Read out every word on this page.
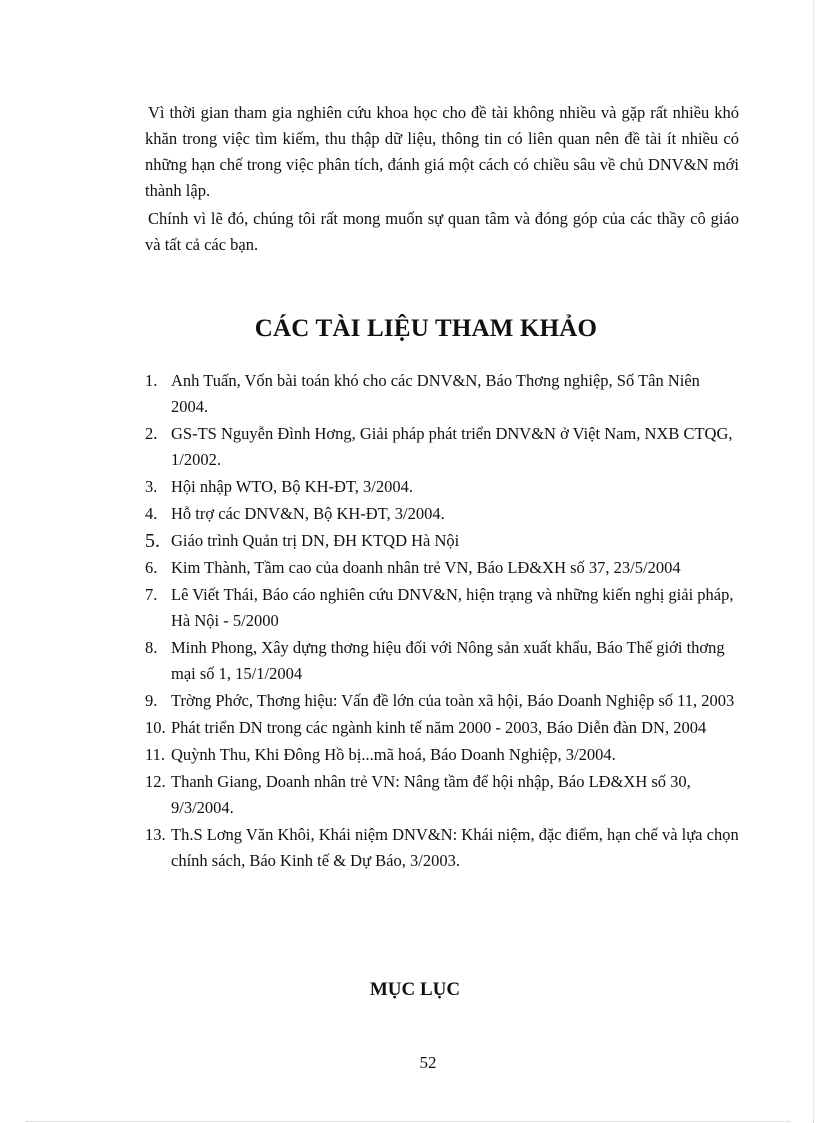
Vì thời gian tham gia nghiên cứu khoa học cho đề tài không nhiều và gặp rất nhiều khó khăn trong việc tìm kiếm, thu thập dữ liệu, thông tin có liên quan nên đề tài ít nhiều có những hạn chế trong việc phân tích, đánh giá một cách có chiều sâu về chủ DNV&N mới thành lập.

Chính vì lẽ đó, chúng tôi rất mong muốn sự quan tâm và đóng góp của các thầy cô giáo và tất cả các bạn.

CÁC TÀI LIỆU THAM KHẢO
1. Anh Tuấn, Vốn bài toán khó cho các DNV&N, Báo Thơng nghiệp, Số Tân Niên 2004.
2. GS-TS Nguyễn Đình Hơng, Giải pháp phát triển DNV&N ở Việt Nam, NXB CTQG, 1/2002.
3. Hội nhập WTO, Bộ KH-ĐT, 3/2004.
4. Hỗ trợ các DNV&N, Bộ KH-ĐT, 3/2004.
5. Giáo trình Quản trị DN, ĐH KTQD Hà Nội
6. Kim Thành, Tầm cao của doanh nhân trẻ VN, Báo LĐ&XH số 37, 23/5/2004
7. Lê Viết Thái, Báo cáo nghiên cứu DNV&N, hiện trạng và những kiến nghị giải pháp, Hà Nội - 5/2000
8. Minh Phong, Xây dựng thơng hiệu đối với Nông sản xuất khẩu, Báo Thế giới thơng mại số 1, 15/1/2004
9. Trờng Phớc, Thơng hiệu: Vấn đề lớn của toàn xã hội, Báo Doanh Nghiệp số 11, 2003
10. Phát triển DN trong các ngành kinh tế năm 2000 - 2003, Báo Diễn đàn DN, 2004
11. Quỳnh Thu, Khi Đông Hồ bị...mã hoá, Báo Doanh Nghiệp, 3/2004.
12. Thanh Giang, Doanh nhân trẻ VN: Nâng tầm để hội nhập, Báo LĐ&XH số 30, 9/3/2004.
13. Th.S Lơng Văn Khôi, Khái niệm DNV&N: Khái niệm, đặc điểm, hạn chế và lựa chọn chính sách, Báo Kinh tế & Dự Báo, 3/2003.
MỤC LỤC
52
